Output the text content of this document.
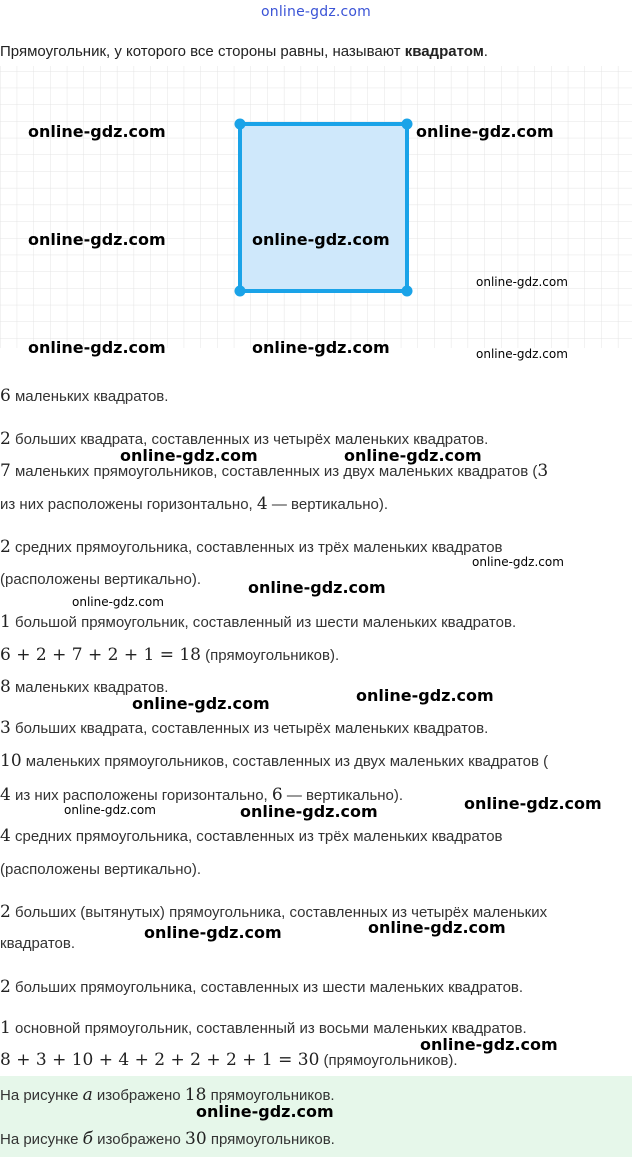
online-gdz.com
Прямоугольник, у которого все стороны равны, называют квадратом.
online-gdz.com	online-gdz.com
online-gdz.com	online-gdz.com
online-gdz.com
online-gdz.com	online-gdz.com	online-gdz.com
online-gdz.com	online-gdz.com
online-gdz.com
online-gdz.com
online-gdz.com
online-gdz.com
online-gdz.com
online-gdz.com
online-gdz.com	online-gdz.com
online-gdz.com
online-gdz.com
online-gdz.com
6 маленьких квадратов.
2 больших квадрата, составленных из четырёх маленьких квадратов.
7 маленьких прямоугольников, составленных из двух маленьких квадратов (3
из них расположены горизонтально, 4 — вертикально).
2 средних прямоугольника, составленных из трёх маленьких квадратов
(расположены вертикально).
1 большой прямоугольник, составленный из шести маленьких квадратов.
6 + 2 + 7 + 2 + 1 = 18 (прямоугольников).
8 маленьких квадратов.
3 больших квадрата, составленных из четырёх маленьких квадратов.
10 маленьких прямоугольников, составленных из двух маленьких квадратов (
4 из них расположены горизонтально, 6 — вертикально).
4 средних прямоугольника, составленных из трёх маленьких квадратов
(расположены вертикально).
2 больших (вытянутых) прямоугольника, составленных из четырёх маленьких
квадратов.
2 больших прямоугольника, составленных из шести маленьких квадратов.
1 основной прямоугольник, составленный из восьми маленьких квадратов.
8 + 3 + 10 + 4 + 2 + 2 + 2 + 1 = 30 (прямоугольников).
На рисунке а изображено 18 прямоугольников.
На рисунке б изображено 30 прямоугольников.
online-gdz.com
